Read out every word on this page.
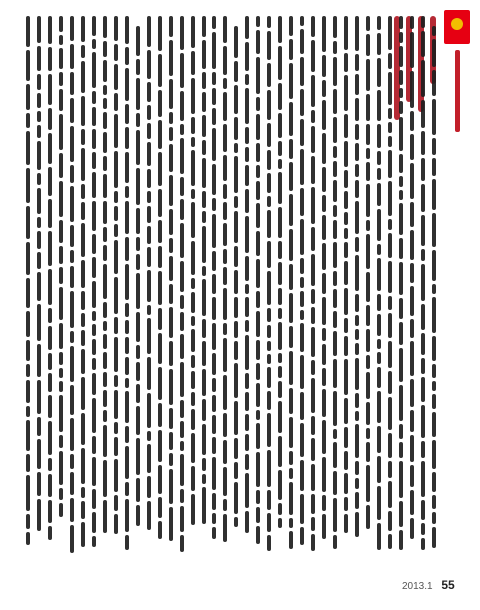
2013.1 55
